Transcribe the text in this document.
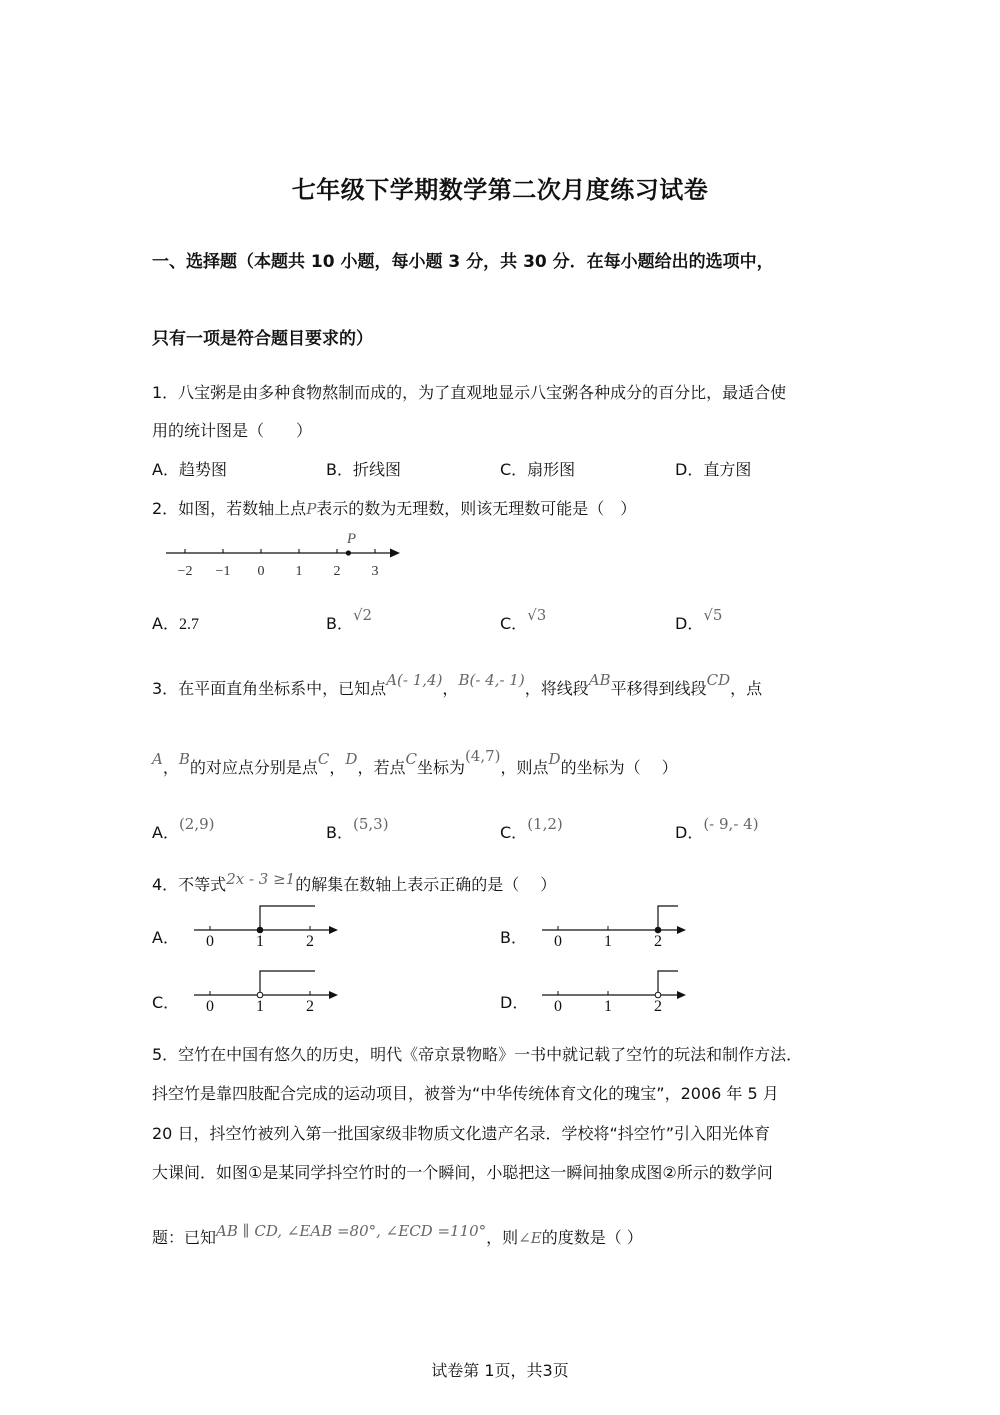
七年级下学期数学第二次月度练习试卷
一、选择题（本题共 10 小题，每小题 3 分，共 30 分．在每小题给出的选项中，
只有一项是符合题目要求的）
1．八宝粥是由多种食物熬制而成的，为了直观地显示八宝粥各种成分的百分比，最适合使
用的统计图是（　　）
A．趋势图	B．折线图	C．扇形图	D．直方图
2．如图，若数轴上点P表示的数为无理数，则该无理数可能是（　）
−2 −1 0 1 2 3
P
A．2.7	B．√2	C．√3	D．√5
3．在平面直角坐标系中，已知点A(- 1,4)，B(- 4,- 1)，将线段AB平移得到线段CD，点
A，B的对应点分别是点C，D，若点C坐标为(4,7)，则点D的坐标为（　 ）
A．(2,9)	B．(5,3)	C．(1,2)	D．(- 9,- 4)
4．不等式2x - 3 ≥1的解集在数轴上表示正确的是（　 ）
A．	B．
C．	D．
0	1	2	0	1	2
0	1	2	0	1	2
5．空竹在中国有悠久的历史，明代《帝京景物略》一书中就记载了空竹的玩法和制作方法．
抖空竹是靠四肢配合完成的运动项目，被誉为“中华传统体育文化的瑰宝”，2006 年 5 月
20 日，抖空竹被列入第一批国家级非物质文化遗产名录．学校将“抖空竹”引入阳光体育
大课间．如图①是某同学抖空竹时的一个瞬间，小聪把这一瞬间抽象成图②所示的数学问
题：已知AB ∥ CD, ∠EAB =80°, ∠ECD =110°，则∠E的度数是（ ）
试卷第 1页，共3页
